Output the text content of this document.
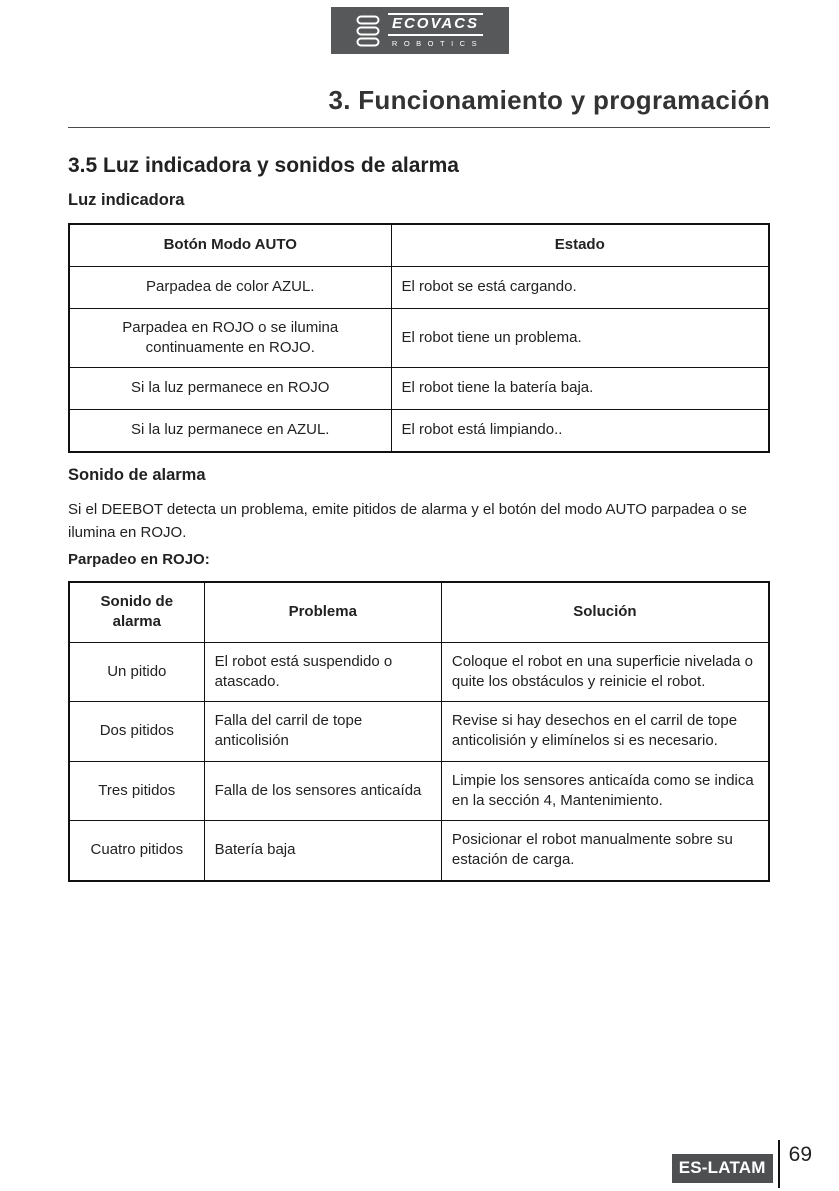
ECOVACS
ROBOTICS
3. Funcionamiento y programación
3.5 Luz indicadora y sonidos de alarma
Luz indicadora
Botón Modo AUTO	Estado
Parpadea de color AZUL.	El robot se está cargando.
Parpadea en ROJO o se ilumina continuamente en ROJO.	El robot tiene un problema.
Si la luz permanece en ROJO	El robot tiene la batería baja.
Si la luz permanece en AZUL.	El robot está limpiando..
Sonido de alarma

Si el DEEBOT detecta un problema, emite pitidos de alarma y el botón del modo AUTO parpadea o se ilumina en ROJO.

Parpadeo en ROJO:

Sonido de alarma	Problema	Solución
Un pitido	El robot está suspendido o atascado.	Coloque el robot en una superficie nivelada o quite los obstáculos y reinicie el robot.
Dos pitidos	Falla del carril de tope anticolisión	Revise si hay desechos en el carril de tope anticolisión y elimínelos si es necesario.
Tres pitidos	Falla de los sensores anticaída	Limpie los sensores anticaída como se indica en la sección 4, Mantenimiento.
Cuatro pitidos	Batería baja	Posicionar el robot manualmente sobre su estación de carga.
ES-LATAM
69
